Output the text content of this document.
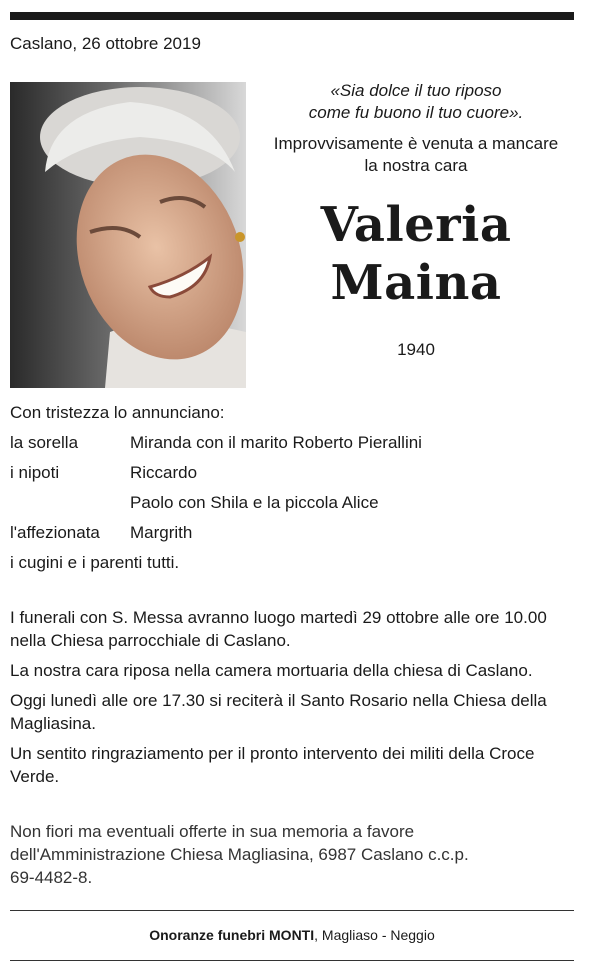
Caslano, 26 ottobre 2019
«Sia dolce il tuo riposo
come fu buono il tuo cuore».
Improvvisamente è venuta a mancare
la nostra cara
Valeria
Maina
1940
Con tristezza lo annunciano:
la sorella	Miranda con il marito Roberto Pierallini
i nipoti	Riccardo
Paolo con Shila e la piccola Alice
l'affezionata Margrith
i cugini e i parenti tutti.
I funerali con S. Messa avranno luogo martedì 29 ottobre alle ore 10.00 nella Chiesa parrocchiale di Caslano.
La nostra cara riposa nella camera mortuaria della chiesa di Caslano.
Oggi lunedì alle ore 17.30 si reciterà il Santo Rosario nella Chiesa della Magliasina.
Un sentito ringraziamento per il pronto intervento dei militi della Croce Verde.
Non fiori ma eventuali offerte in sua memoria a favore dell'Amministrazione Chiesa Magliasina, 6987 Caslano c.c.p. 69-4482-8.
Onoranze funebri MONTI, Magliaso - Neggio
